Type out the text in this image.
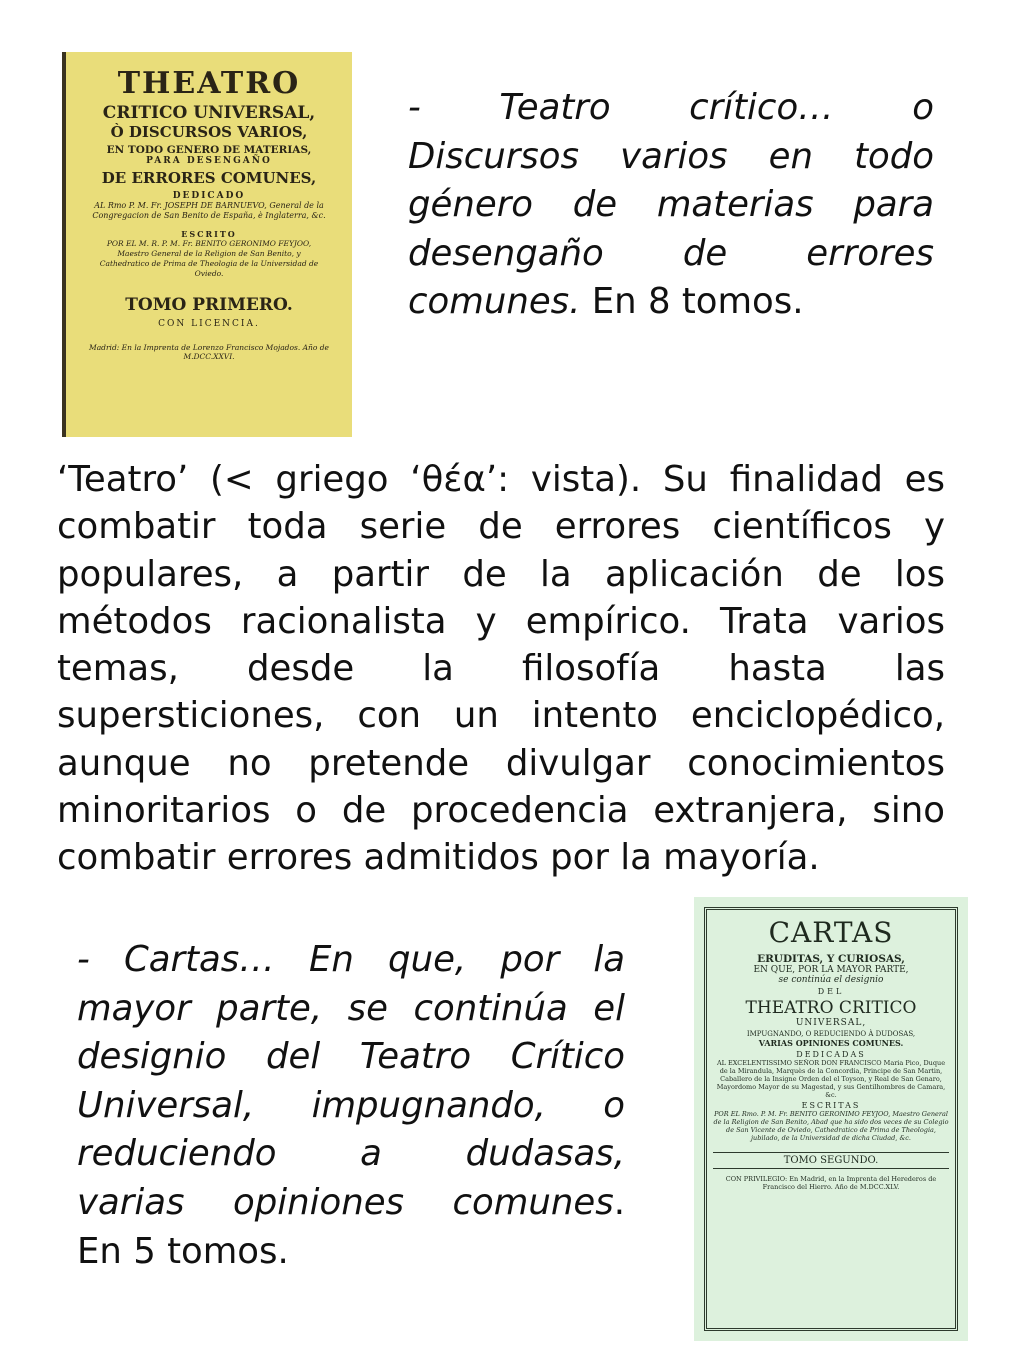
THEATRO
CRITICO UNIVERSAL,
Ò DISCURSOS VARIOS,
EN TODO GENERO DE MATERIAS,
PARA DESENGAÑO
DE ERRORES COMUNES,
DEDICADO
AL Rmo P. M. Fr. JOSEPH DE BARNUEVO, General de la Congregacion de San Benito de España, è Inglaterra, &c.
ESCRITO
POR EL M. R. P. M. Fr. BENITO GERONIMO FEYJOO, Maestro General de la Religion de San Benito, y Cathedratico de Prima de Theologia de la Universidad de Oviedo.
TOMO PRIMERO.
CON LICENCIA.
Madrid: En la Imprenta de Lorenzo Francisco Mojados. Año de M.DCC.XXVI.
- Teatro crítico… o
Discursos varios en todo
género de materias para
desengaño de errores
comunes. En 8 tomos.
‘Teatro’ (< griego ‘θέα’: vista). Su finalidad es
combatir toda serie de errores científicos y
populares, a partir de la aplicación de los
métodos racionalista y empírico. Trata varios
temas, desde la filosofía hasta las
supersticiones, con un intento enciclopédico,
aunque no pretende divulgar conocimientos
minoritarios o de procedencia extranjera, sino
combatir errores admitidos por la mayoría.
- Cartas… En que, por la
mayor parte, se continúa el
designio del Teatro Crítico
Universal, impugnando, o
reduciendo a dudasas,
varias opiniones comunes.
En 5 tomos.
CARTAS
ERUDITAS, Y CURIOSAS,
EN QUE, POR LA MAYOR PARTE,
se continúa el designio
DEL
THEATRO CRITICO
UNIVERSAL,
IMPUGNANDO, O REDUCIENDO À DUDOSAS,
VARIAS OPINIONES COMUNES.
DEDICADAS
AL EXCELENTISSIMO SEÑOR DON FRANCISCO Maria Pico, Duque de la Mirandula, Marquès de la Concordia, Principe de San Martin, Caballero de la Insigne Orden del el Toyson, y Real de San Genaro, Mayordomo Mayor de su Magestad, y sus Gentilhombres de Camara, &c.
ESCRITAS
POR EL Rmo. P. M. Fr. BENITO GERONIMO FEYJOO, Maestro General de la Religion de San Benito, Abad que ha sido dos veces de su Colegio de San Vicente de Oviedo, Cathedratico de Prima de Theologia, jubilado, de la Universidad de dicha Ciudad, &c.
TOMO SEGUNDO.
CON PRIVILEGIO: En Madrid, en la Imprenta del Herederos de Francisco del Hierro. Año de M.DCC.XLV.
